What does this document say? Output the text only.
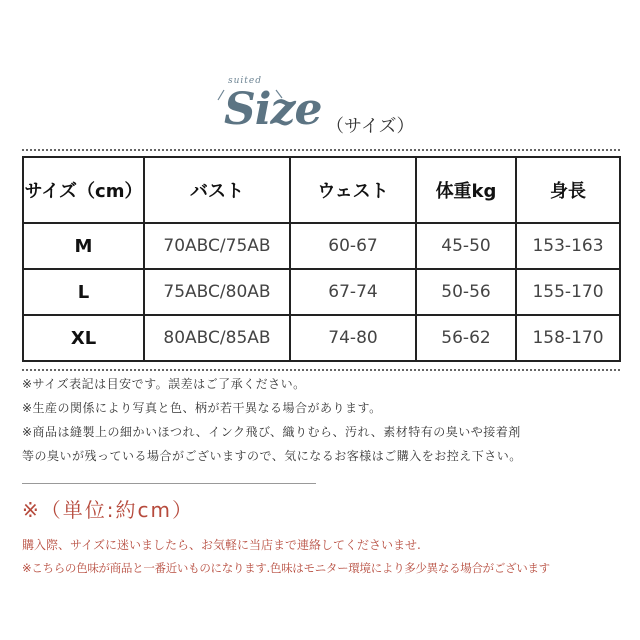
suited
Size （サイズ）
サイズ（cm）	バスト	ウェスト	体重kg	身長
M	70ABC/75AB	60-67	45-50	153-163
L	75ABC/80AB	67-74	50-56	155-170
XL	80ABC/85AB	74-80	56-62	158-170
※サイズ表記は目安です。誤差はご了承ください。
※生産の関係により写真と色、柄が若干異なる場合があります。
※商品は縫製上の細かいほつれ、インク飛び、織りむら、汚れ、素材特有の臭いや接着剤
等の臭いが残っている場合がございますので、気になるお客様はご購入をお控え下さい。
※（単位:約cm）
購入際、サイズに迷いましたら、お気軽に当店まで連絡してくださいませ.
※こちらの色味が商品と一番近いものになります.色味はモニター環境により多少異なる場合がございます
